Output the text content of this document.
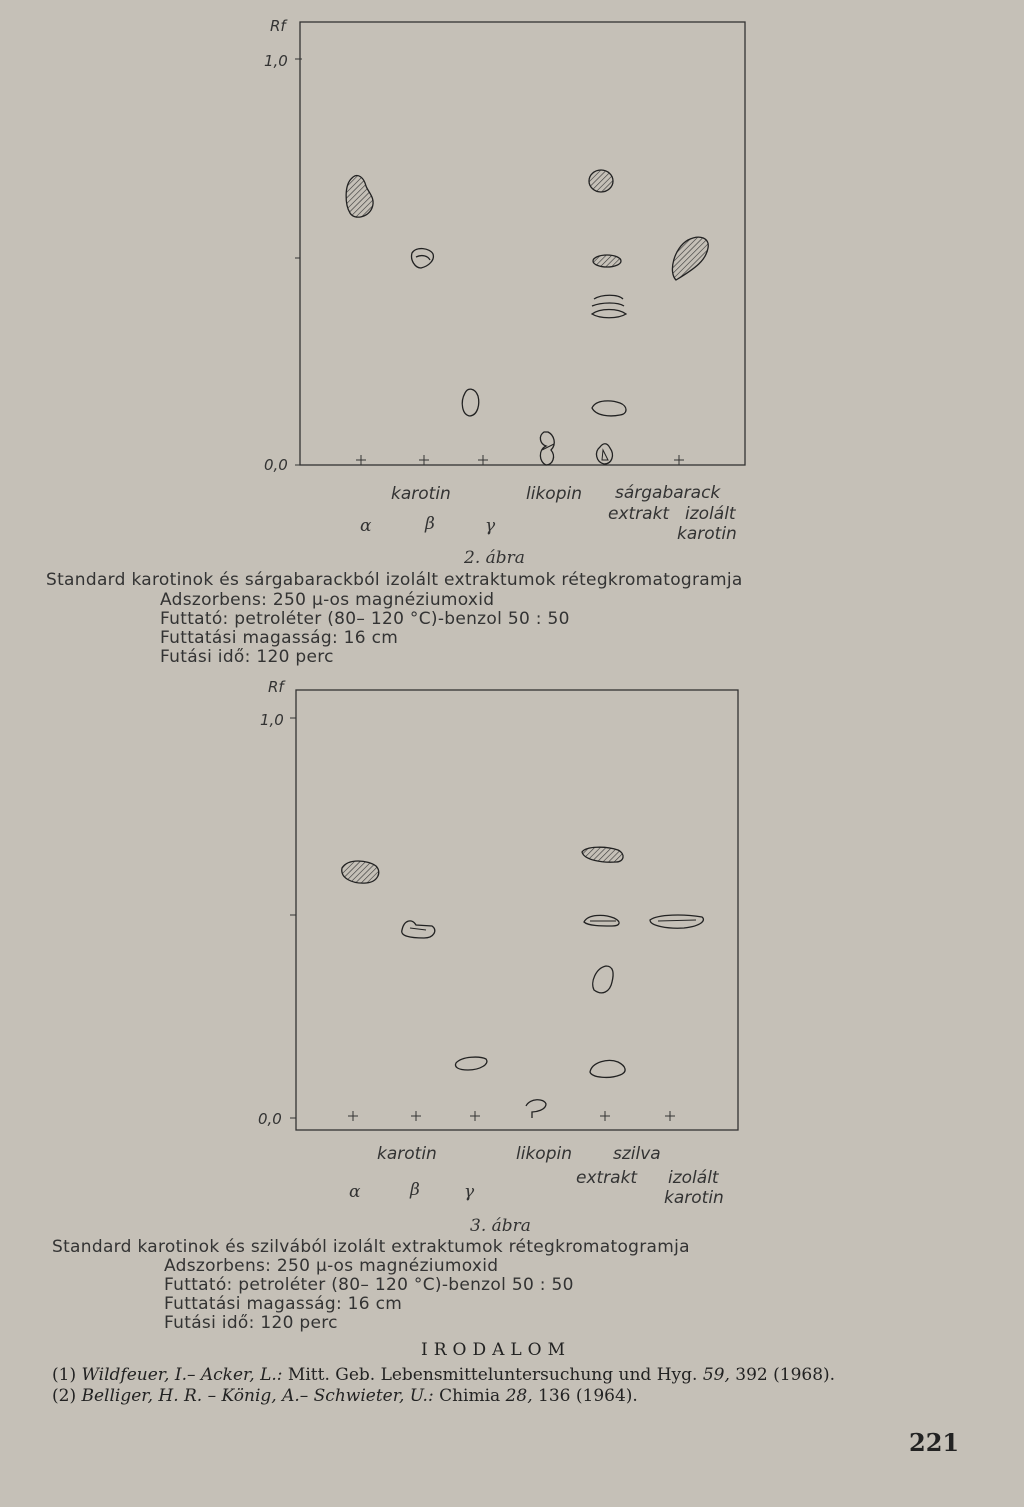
Rf
1,0
0,0
karotin	likopin sárgabarack
extrakt izolált
karotin
α	β	γ
2. ábra
Standard karotinok és sárgabarackból izolált extraktumok rétegkromatogramja
Adszorbens: 250 μ-os magnéziumoxid
Futtató: petroléter (80– 120 °C)-benzol 50 : 50
Futtatási magasság: 16 cm
Futási idő: 120 perc
Rf
1,0
0,0
karotin	likopin szilva
extrakt izolált
karotin
α	β	γ
3. ábra
Standard karotinok és szilvából izolált extraktumok rétegkromatogramja
Adszorbens: 250 μ-os magnéziumoxid
Futtató: petroléter (80– 120 °C)-benzol 50 : 50
Futtatási magasság: 16 cm
Futási idő: 120 perc
IRODALOM
(1) Wildfeuer, I.– Acker, L.: Mitt. Geb. Lebensmitteluntersuchung und Hyg. 59, 392 (1968).
(2) Belliger, H. R. – König, A.– Schwieter, U.: Chimia 28, 136 (1964).
221
